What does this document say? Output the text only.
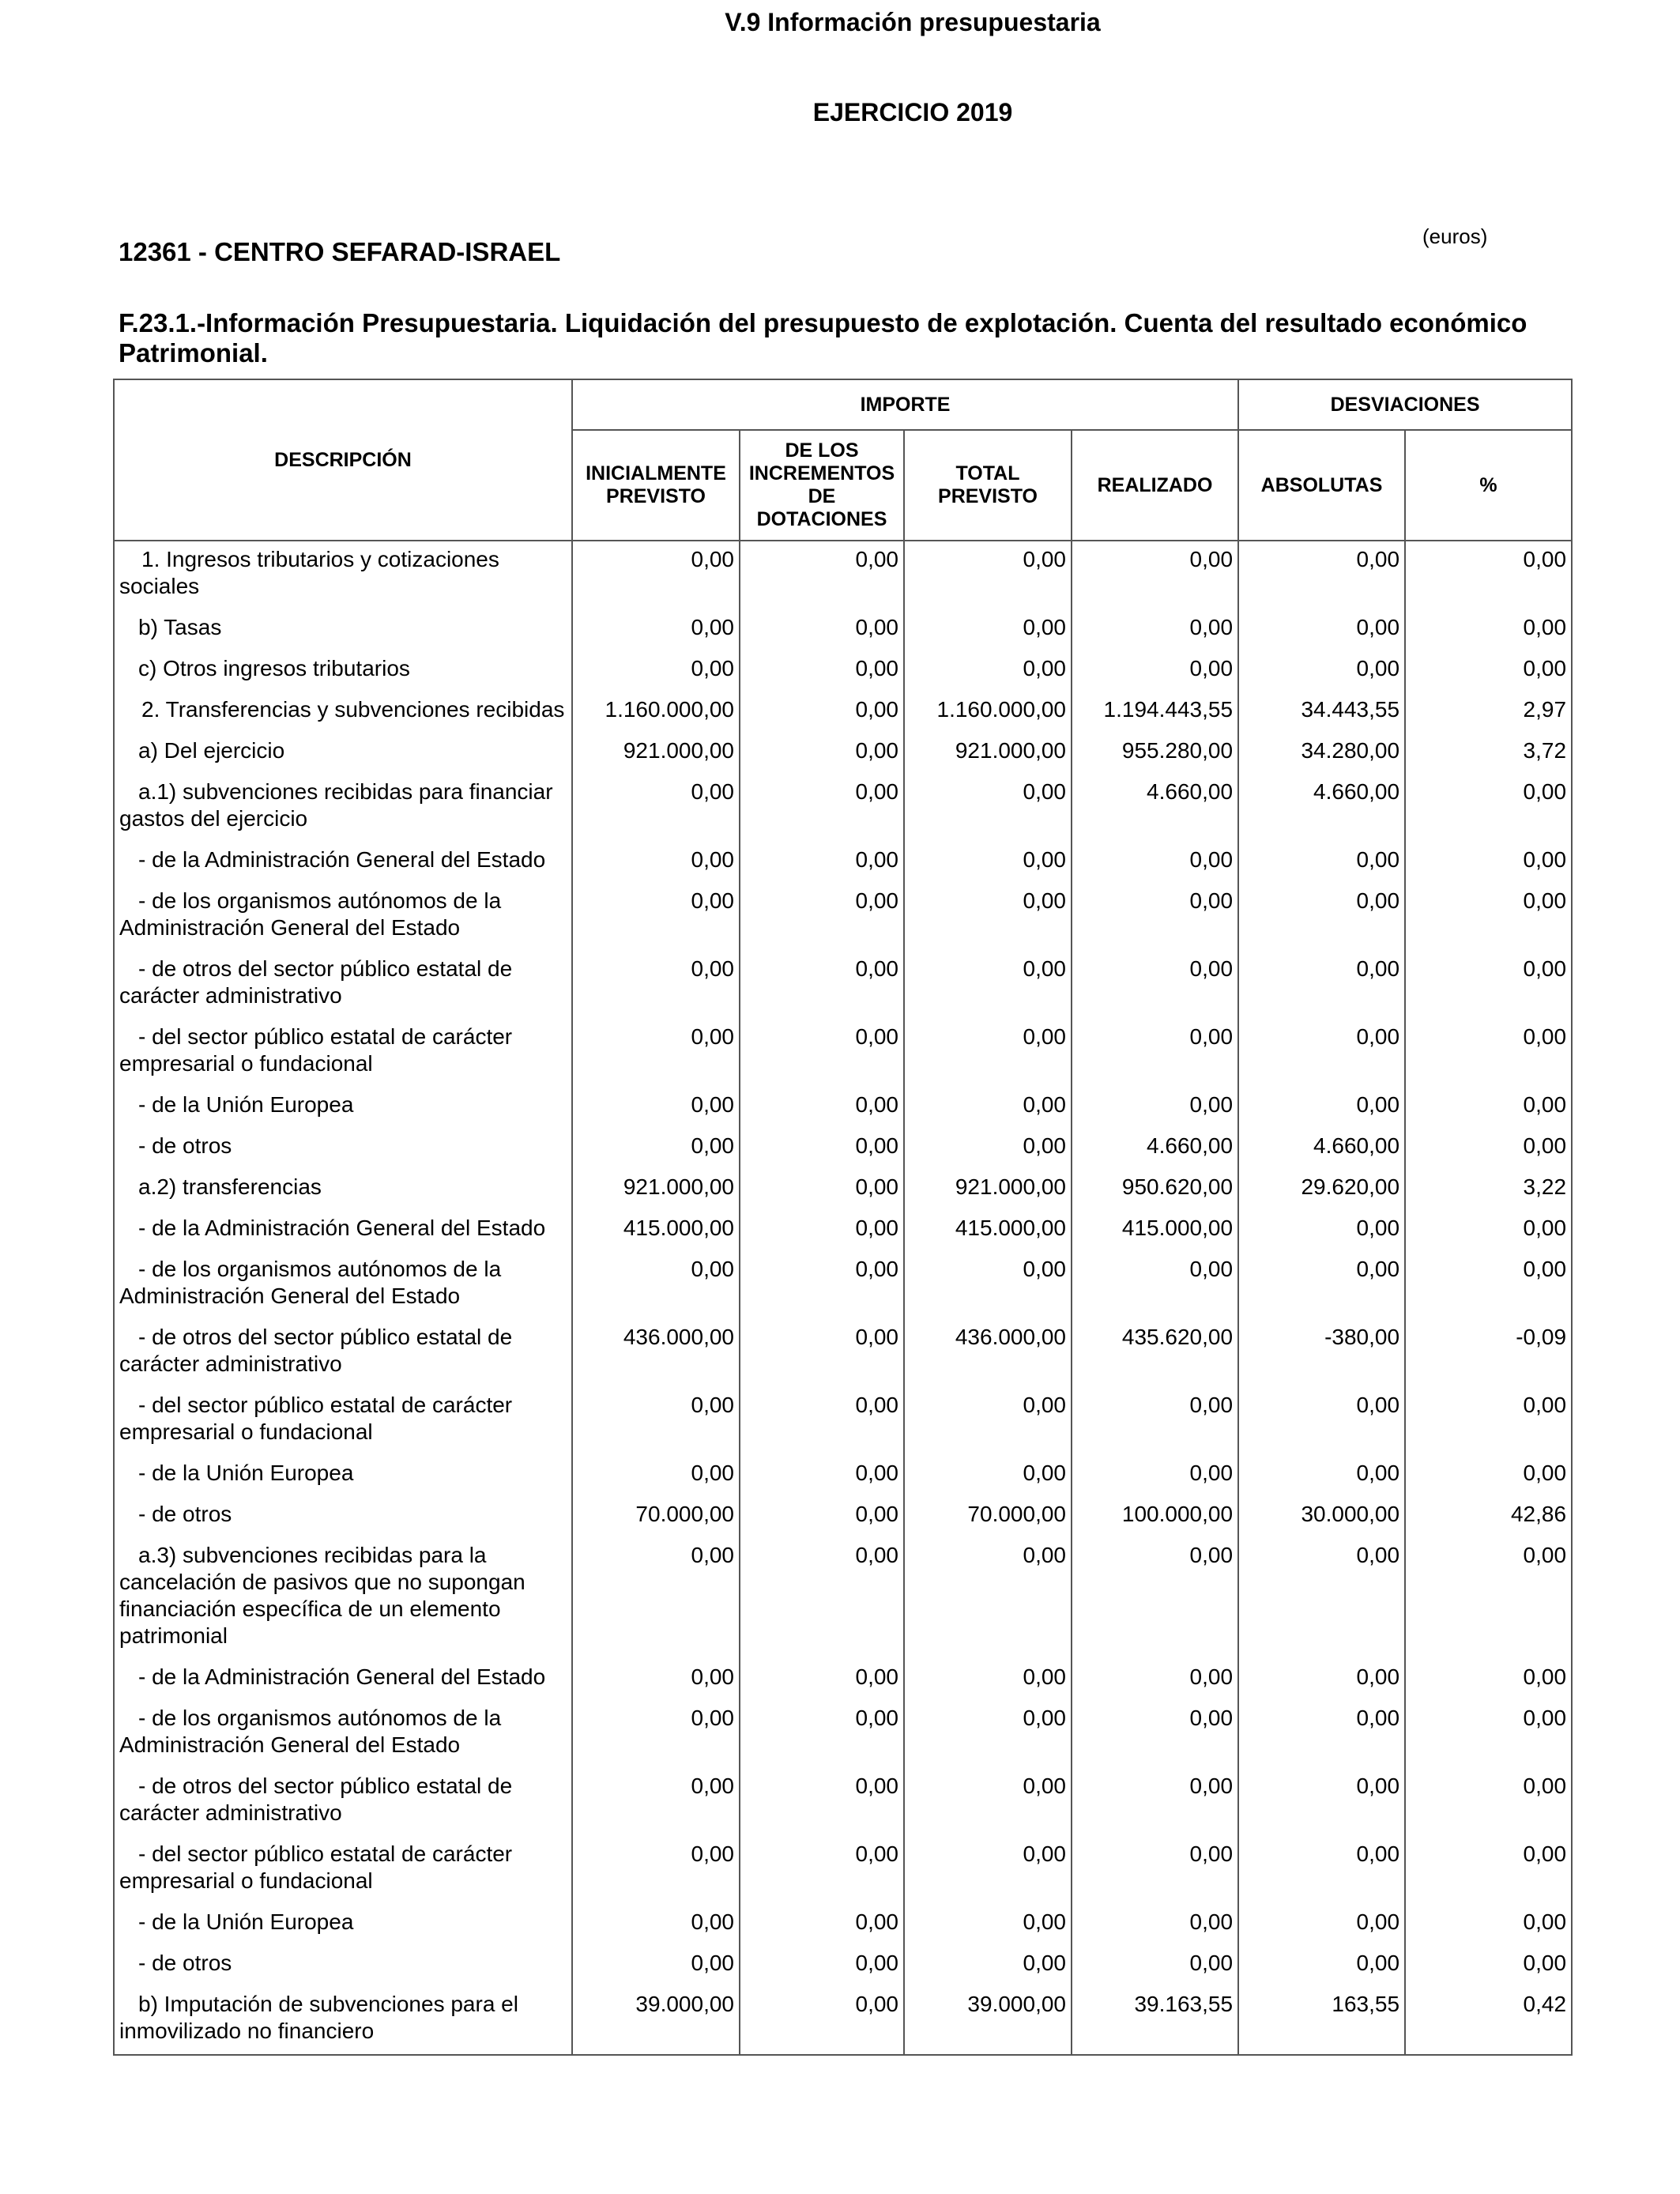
V.9 Información presupuestaria
EJERCICIO 2019
(euros)
12361 - CENTRO SEFARAD-ISRAEL
F.23.1.-Información Presupuestaria. Liquidación del presupuesto de explotación. Cuenta del resultado económico Patrimonial.
DESCRIPCIÓN	IMPORTE				DESVIACIONES	
	INICIALMENTE PREVISTO	DE LOS INCREMENTOS DE DOTACIONES	TOTAL PREVISTO	REALIZADO	ABSOLUTAS	%

1. Ingresos tributarios y cotizaciones sociales	0,00	0,00	0,00	0,00	0,00	0,00

b) Tasas	0,00	0,00	0,00	0,00	0,00	0,00

c) Otros ingresos tributarios	0,00	0,00	0,00	0,00	0,00	0,00

2. Transferencias y subvenciones recibidas	1.160.000,00	0,00	1.160.000,00	1.194.443,55	34.443,55	2,97

a) Del ejercicio	921.000,00	0,00	921.000,00	955.280,00	34.280,00	3,72

a.1) subvenciones recibidas para financiar gastos del ejercicio	0,00	0,00	0,00	4.660,00	4.660,00	0,00

- de la Administración General del Estado	0,00	0,00	0,00	0,00	0,00	0,00

- de los organismos autónomos de la Administración General del Estado	0,00	0,00	0,00	0,00	0,00	0,00

- de otros del sector público estatal de carácter administrativo	0,00	0,00	0,00	0,00	0,00	0,00

- del sector público estatal de carácter empresarial o fundacional	0,00	0,00	0,00	0,00	0,00	0,00

- de la Unión Europea	0,00	0,00	0,00	0,00	0,00	0,00

- de otros	0,00	0,00	0,00	4.660,00	4.660,00	0,00

a.2) transferencias	921.000,00	0,00	921.000,00	950.620,00	29.620,00	3,22

- de la Administración General del Estado	415.000,00	0,00	415.000,00	415.000,00	0,00	0,00

- de los organismos autónomos de la Administración General del Estado	0,00	0,00	0,00	0,00	0,00	0,00

- de otros del sector público estatal de carácter administrativo	436.000,00	0,00	436.000,00	435.620,00	-380,00	-0,09

- del sector público estatal de carácter empresarial o fundacional	0,00	0,00	0,00	0,00	0,00	0,00

- de la Unión Europea	0,00	0,00	0,00	0,00	0,00	0,00

- de otros	70.000,00	0,00	70.000,00	100.000,00	30.000,00	42,86

a.3) subvenciones recibidas para la cancelación de pasivos que no supongan financiación específica de un elemento patrimonial	0,00	0,00	0,00	0,00	0,00	0,00

- de la Administración General del Estado	0,00	0,00	0,00	0,00	0,00	0,00

- de los organismos autónomos de la Administración General del Estado	0,00	0,00	0,00	0,00	0,00	0,00

- de otros del sector público estatal de carácter administrativo	0,00	0,00	0,00	0,00	0,00	0,00

- del sector público estatal de carácter empresarial o fundacional	0,00	0,00	0,00	0,00	0,00	0,00

- de la Unión Europea	0,00	0,00	0,00	0,00	0,00	0,00

- de otros	0,00	0,00	0,00	0,00	0,00	0,00

b) Imputación de subvenciones para el inmovilizado no financiero	39.000,00	0,00	39.000,00	39.163,55	163,55	0,42
